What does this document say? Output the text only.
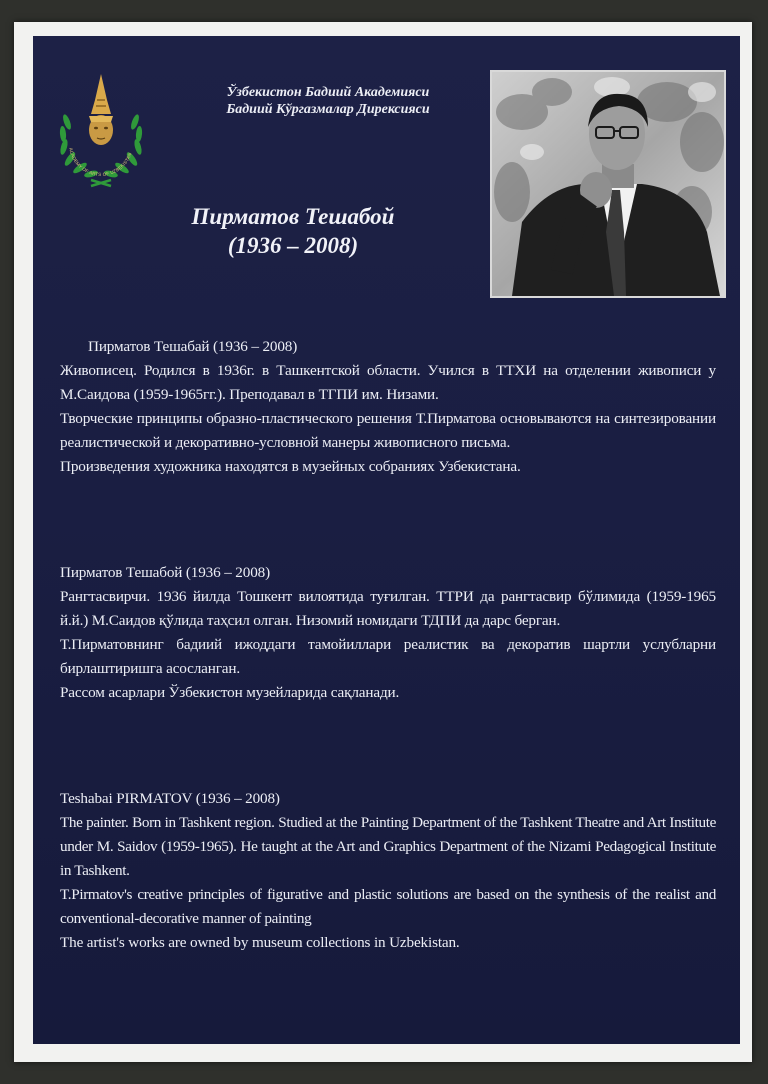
ACADEMY OF ARTS OF UZBEKISTAN
Ўзбекистон Бадиий Академияси
Бадиий Кўргазмалар Дирексияси
Пирматов Тешабой
(1936 – 2008)

Пирматов Тешабай (1936 – 2008)

Живописец. Родился в 1936г. в Ташкентской области. Учился в ТТХИ на отделении живописи у М.Саидова (1959-1965гг.). Преподавал в ТГПИ им. Низами.

Творческие принципы образно-пластического решения Т.Пирматова основываются на синтезировании реалистической и декоративно-условной манеры живописного письма.

Произведения художника находятся в музейных собраниях Узбекистана.

Пирматов Тешабой (1936 – 2008)

Рангтасвирчи. 1936 йилда Тошкент вилоятида туғилган. ТТРИ да рангтасвир бўлимида (1959-1965 й.й.) М.Саидов қўлида таҳсил олган. Низомий номидаги ТДПИ да дарс берган.

Т.Пирматовнинг бадиий ижоддаги тамойиллари реалистик ва декоратив шартли услубларни бирлаштиришга асосланган.

Рассом асарлари Ўзбекистон музейларида сақланади.

Teshabai PIRMATOV (1936 – 2008)

The painter. Born in Tashkent region. Studied at the Painting Department of the Tashkent Theatre and Art Institute under M. Saidov (1959-1965). He taught at the Art and Graphics Department of the Nizami Pedagogical Institute in Tashkent.

T.Pirmatov's creative principles of figurative and plastic solutions are based on the synthesis of the realist and conventional-decorative manner of painting

The artist's works are owned by museum collections in Uzbekistan.
